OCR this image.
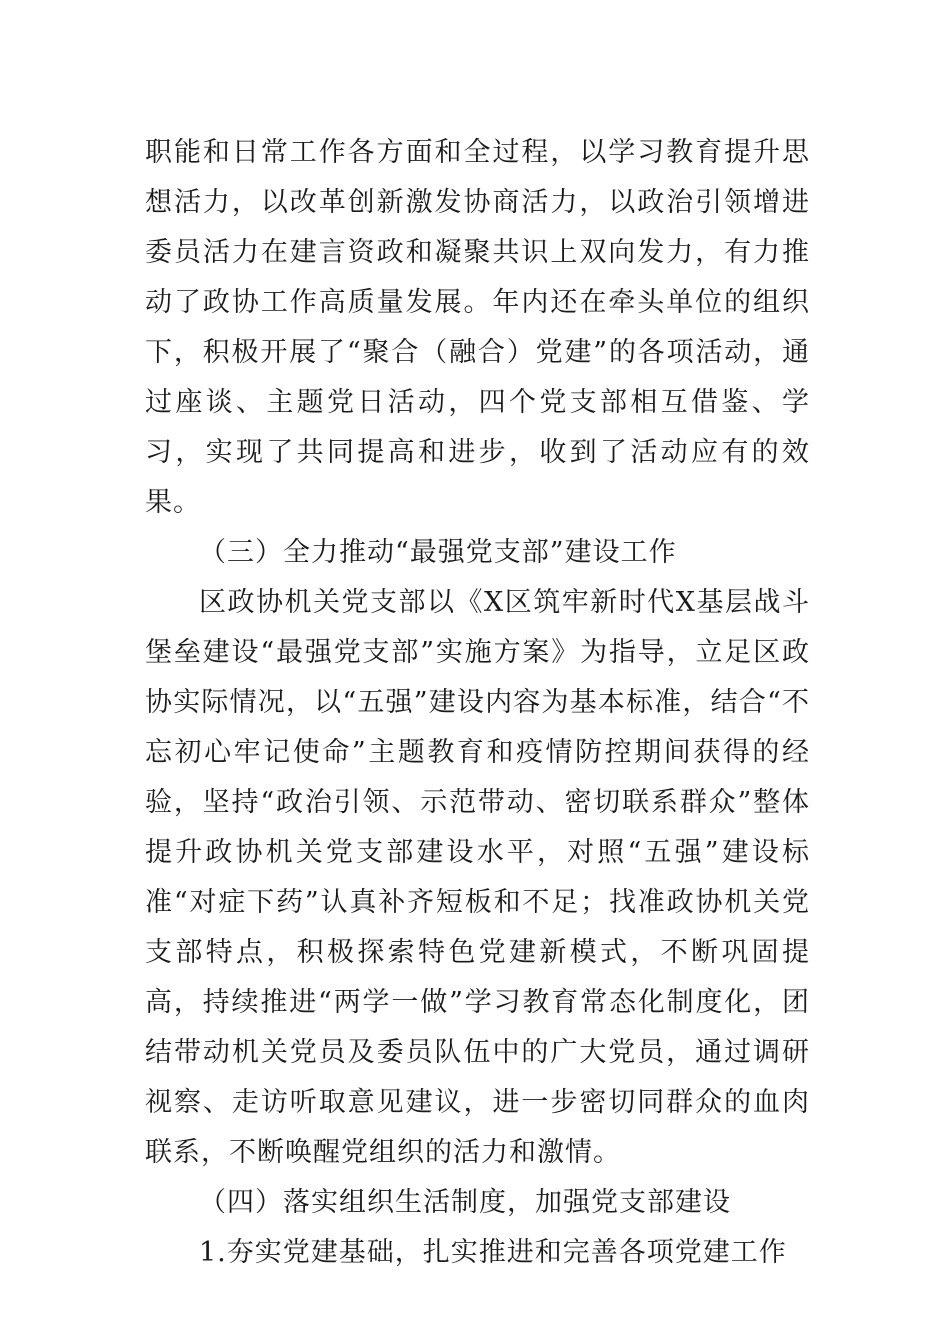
职能和日常工作各方面和全过程，以学习教育提升思想活力，以改革创新激发协商活力，以政治引领增进委员活力在建言资政和凝聚共识上双向发力，有力推动了政协工作高质量发展。年内还在牵头单位的组织下，积极开展了“聚合（融合）党建”的各项活动，通过座谈、主题党日活动，四个党支部相互借鉴、学习，实现了共同提高和进步，收到了活动应有的效果。

（三）全力推动“最强党支部”建设工作

区政协机关党支部以《X区筑牢新时代X基层战斗堡垒建设“最强党支部”实施方案》为指导，立足区政协实际情况，以“五强”建设内容为基本标准，结合“不忘初心牢记使命”主题教育和疫情防控期间获得的经验，坚持“政治引领、示范带动、密切联系群众”整体提升政协机关党支部建设水平，对照“五强”建设标准“对症下药”认真补齐短板和不足；找准政协机关党支部特点，积极探索特色党建新模式，不断巩固提高，持续推进“两学一做”学习教育常态化制度化，团结带动机关党员及委员队伍中的广大党员，通过调研视察、走访听取意见建议，进一步密切同群众的血肉联系，不断唤醒党组织的活力和激情。

（四）落实组织生活制度，加强党支部建设

1.夯实党建基础，扎实推进和完善各项党建工作
